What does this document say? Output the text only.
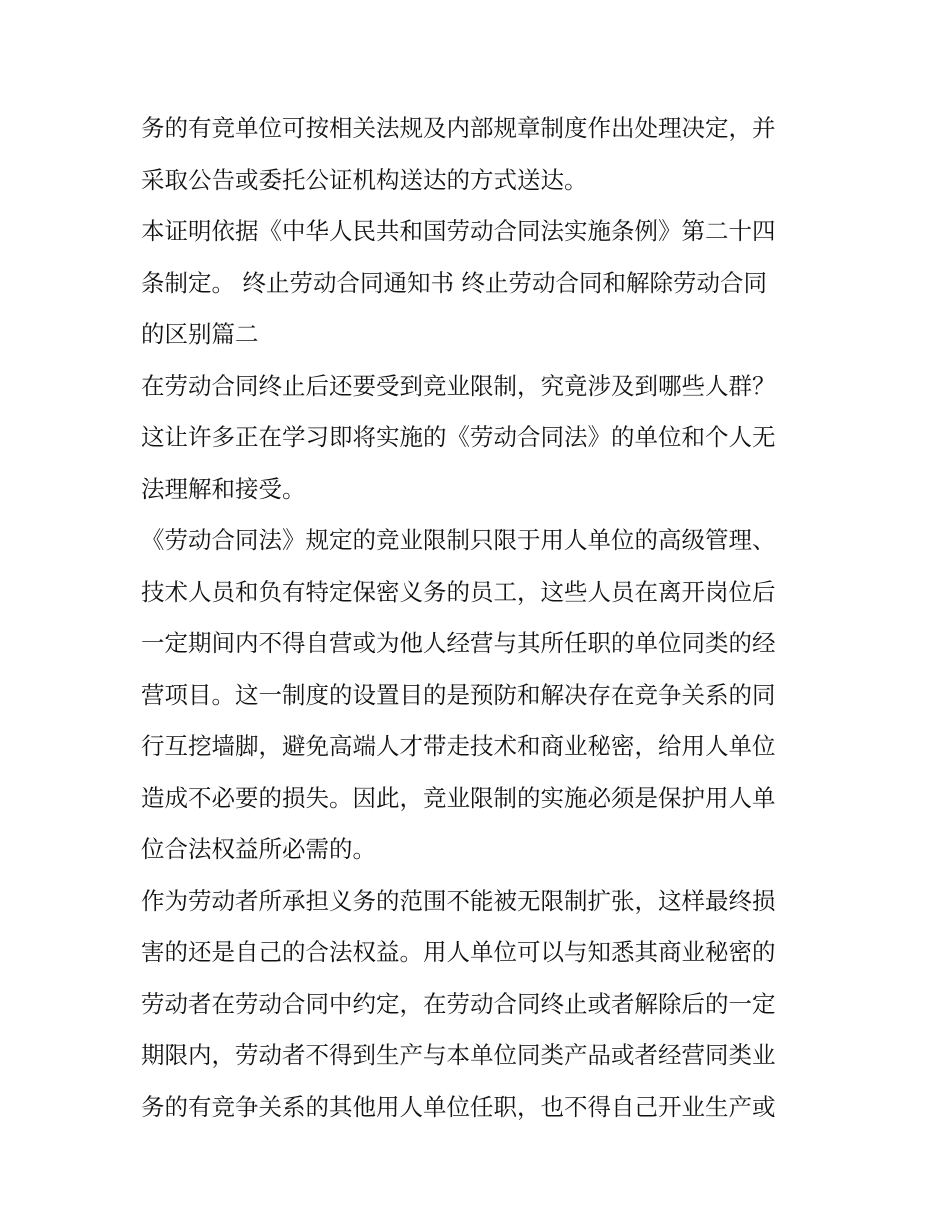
务的有竞单位可按相关法规及内部规章制度作出处理决定，并
采取公告或委托公证机构送达的方式送达。
本证明依据《中华人民共和国劳动合同法实施条例》第二十四
条制定。 终止劳动合同通知书 终止劳动合同和解除劳动合同
的区别篇二
在劳动合同终止后还要受到竞业限制，究竟涉及到哪些人群？
这让许多正在学习即将实施的《劳动合同法》的单位和个人无
法理解和接受。
《劳动合同法》规定的竞业限制只限于用人单位的高级管理、
技术人员和负有特定保密义务的员工，这些人员在离开岗位后
一定期间内不得自营或为他人经营与其所任职的单位同类的经
营项目。这一制度的设置目的是预防和解决存在竞争关系的同
行互挖墙脚，避免高端人才带走技术和商业秘密，给用人单位
造成不必要的损失。因此，竞业限制的实施必须是保护用人单
位合法权益所必需的。
作为劳动者所承担义务的范围不能被无限制扩张，这样最终损
害的还是自己的合法权益。用人单位可以与知悉其商业秘密的
劳动者在劳动合同中约定，在劳动合同终止或者解除后的一定
期限内，劳动者不得到生产与本单位同类产品或者经营同类业
务的有竞争关系的其他用人单位任职，也不得自己开业生产或
